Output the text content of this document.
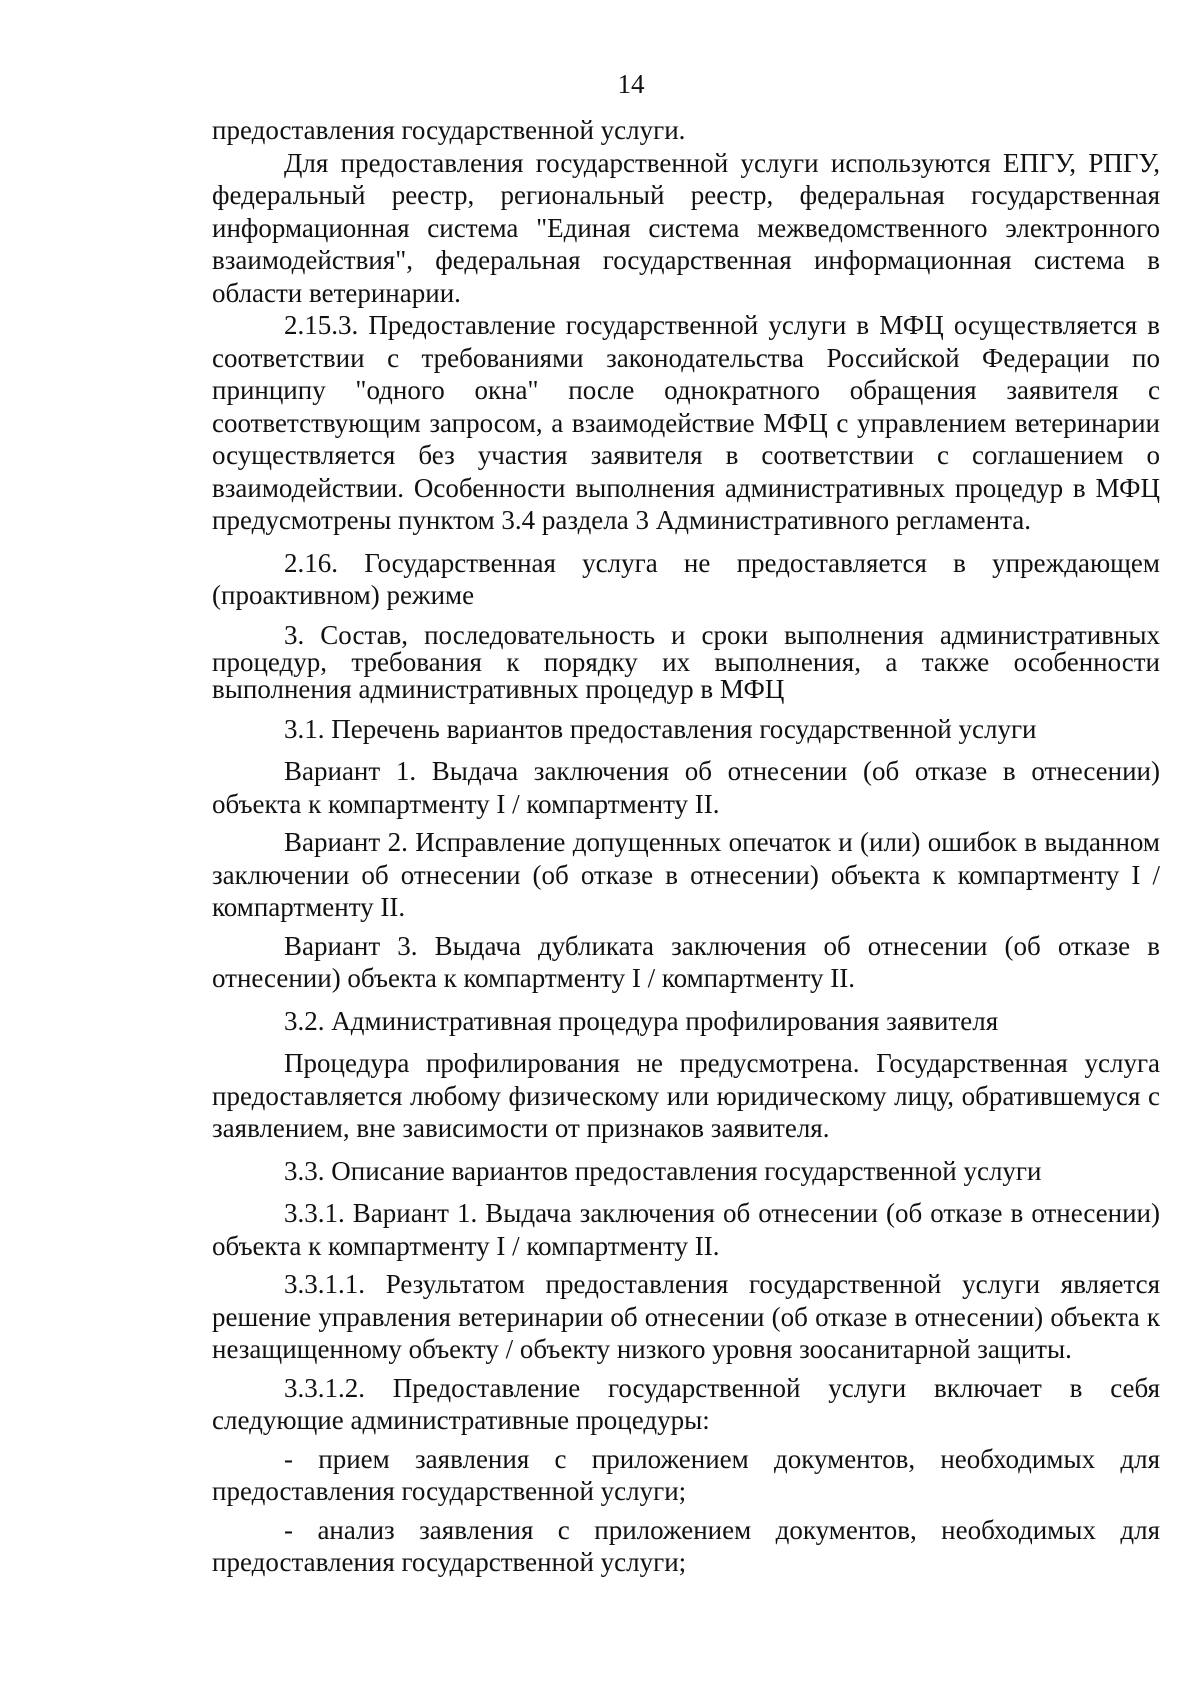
14

предоставления государственной услуги.

Для предоставления государственной услуги используются ЕПГУ, РПГУ, федеральный реестр, региональный реестр, федеральная государственная информационная система "Единая система межведомственного электронного взаимодействия", федеральная государственная информационная система в области ветеринарии.

2.15.3. Предоставление государственной услуги в МФЦ осуществляется в соответствии с требованиями законодательства Российской Федерации по принципу "одного окна" после однократного обращения заявителя с соответствующим запросом, а взаимодействие МФЦ с управлением ветеринарии осуществляется без участия заявителя в соответствии с соглашением о взаимодействии. Особенности выполнения административных процедур в МФЦ предусмотрены пунктом 3.4 раздела 3 Административного регламента.

2.16. Государственная услуга не предоставляется в упреждающем (проактивном) режиме

3. Состав, последовательность и сроки выполнения административных процедур, требования к порядку их выполнения, а также особенности выполнения административных процедур в МФЦ

3.1. Перечень вариантов предоставления государственной услуги

Вариант 1. Выдача заключения об отнесении (об отказе в отнесении) объекта к компартменту I / компартменту II.

Вариант 2. Исправление допущенных опечаток и (или) ошибок в выданном заключении об отнесении (об отказе в отнесении) объекта к компартменту I / компартменту II.

Вариант 3. Выдача дубликата заключения об отнесении (об отказе в отнесении) объекта к компартменту I / компартменту II.

3.2. Административная процедура профилирования заявителя

Процедура профилирования не предусмотрена. Государственная услуга предоставляется любому физическому или юридическому лицу, обратившемуся с заявлением, вне зависимости от признаков заявителя.

3.3. Описание вариантов предоставления государственной услуги

3.3.1. Вариант 1. Выдача заключения об отнесении (об отказе в отнесении) объекта к компартменту I / компартменту II.

3.3.1.1. Результатом предоставления государственной услуги является решение управления ветеринарии об отнесении (об отказе в отнесении) объекта к незащищенному объекту / объекту низкого уровня зоосанитарной защиты.

3.3.1.2. Предоставление государственной услуги включает в себя следующие административные процедуры:

- прием заявления с приложением документов, необходимых для предоставления государственной услуги;

- анализ заявления с приложением документов, необходимых для предоставления государственной услуги;
